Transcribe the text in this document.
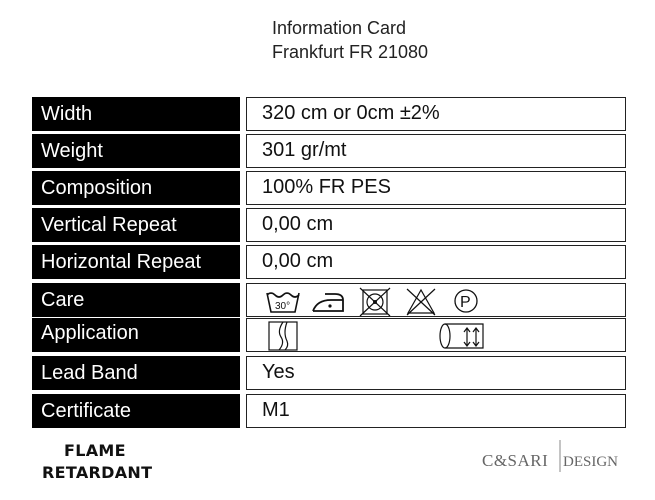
Information Card
Frankfurt FR 21080
Width	320 cm or 0cm ±2%
Weight	301 gr/mt
Composition	100% FR PES
Vertical Repeat	0,00 cm
Horizontal Repeat	0,00 cm
Care	30°	P
Application
Lead Band	Yes
Certificate	M1
FLAME
RETARDANT
C&SARI DESIGN
